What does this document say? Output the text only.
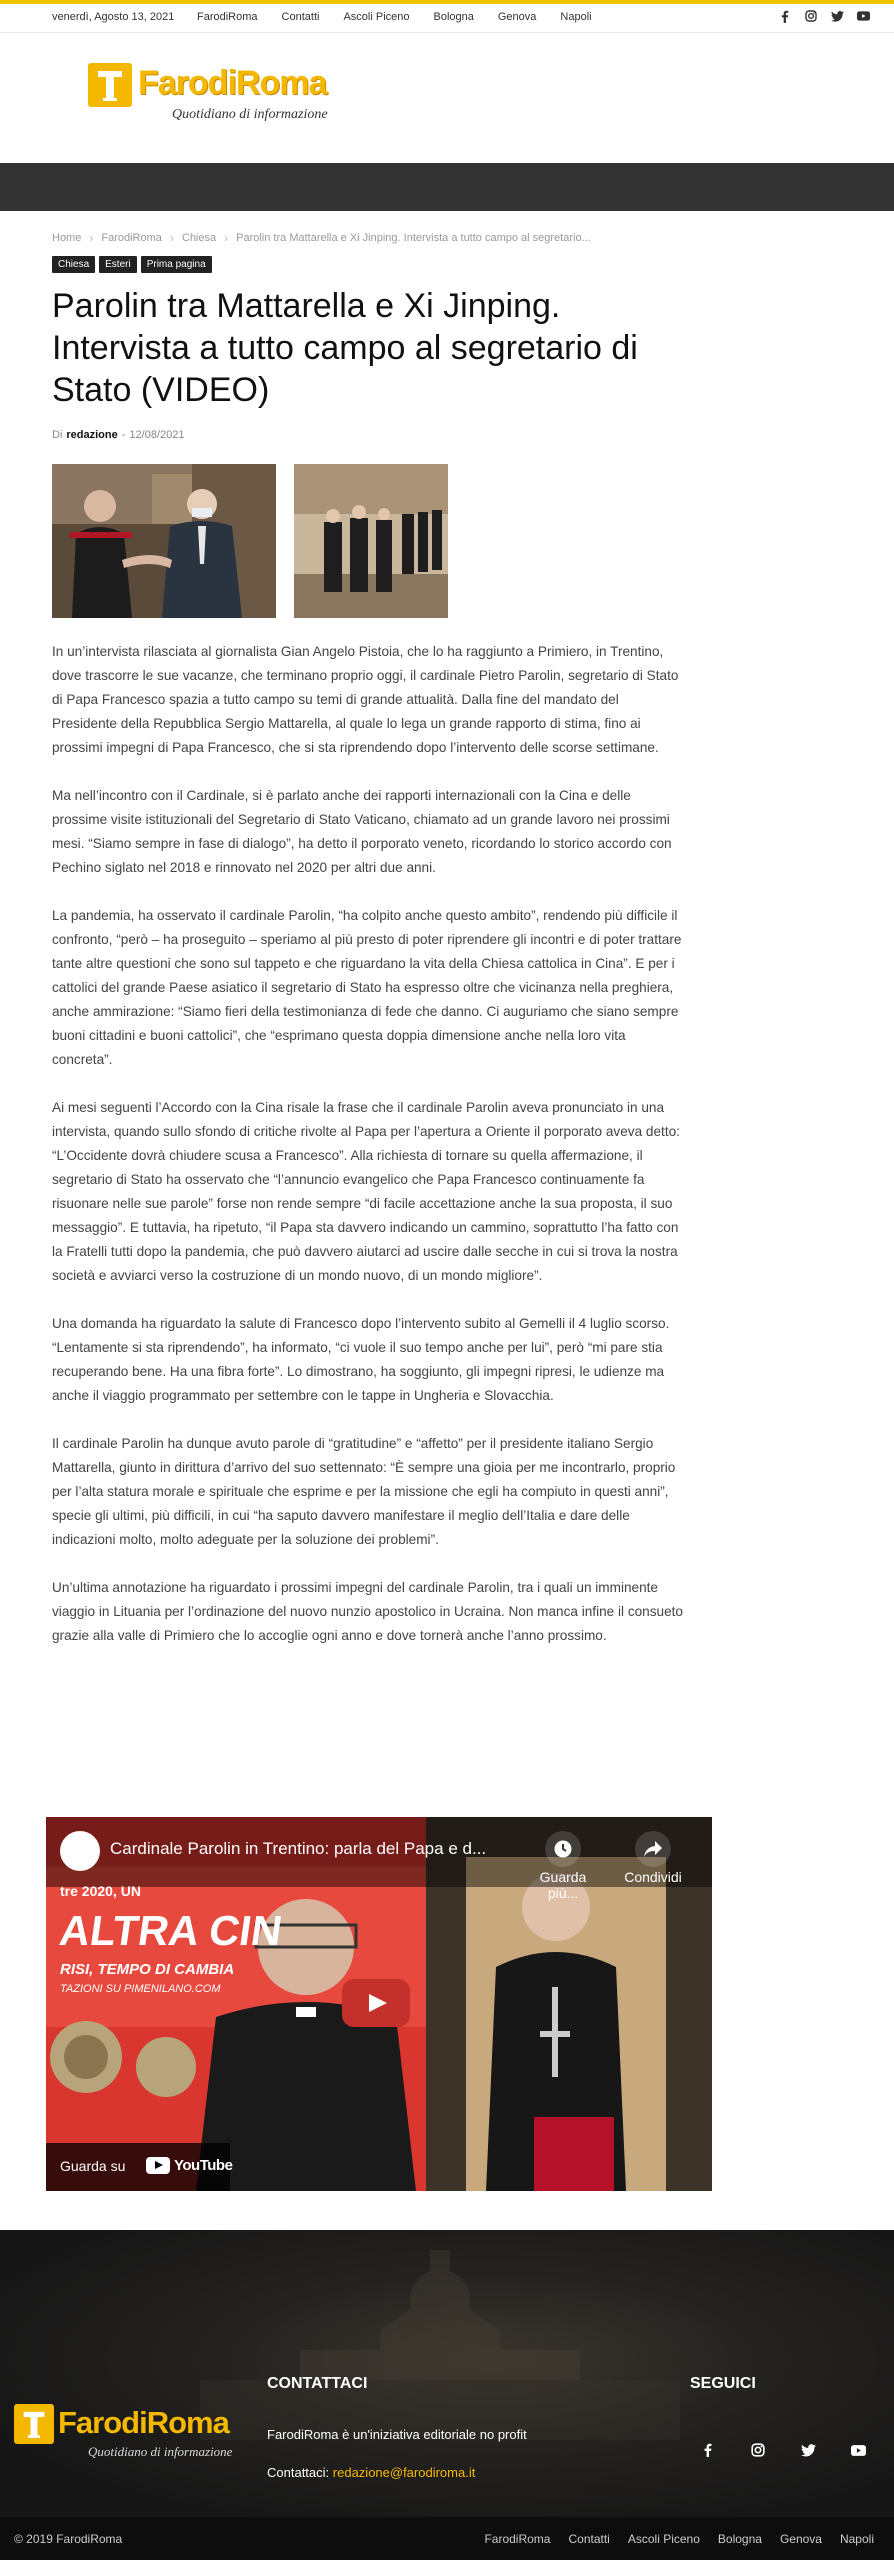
venerdì, Agosto 13, 2021 FarodiRoma Contatti Ascoli Piceno Bologna Genova Napoli
FarodiRoma
Quotidiano di informazione
Home › FarodiRoma › Chiesa › Parolin tra Mattarella e Xi Jinping. Intervista a tutto campo al segretario...
Chiesa	Esteri	Prima pagina
Parolin tra Mattarella e Xi Jinping. Intervista a tutto campo al segretario di Stato (VIDEO)
Di redazione - 12/08/2021

In un’intervista rilasciata al giornalista Gian Angelo Pistoia, che lo ha raggiunto a Primiero, in Trentino, dove trascorre le sue vacanze, che terminano proprio oggi, il cardinale Pietro Parolin, segretario di Stato di Papa Francesco spazia a tutto campo su temi di grande attualità. Dalla fine del mandato del Presidente della Repubblica Sergio Mattarella, al quale lo lega un grande rapporto di stima, fino ai prossimi impegni di Papa Francesco, che si sta riprendendo dopo l’intervento delle scorse settimane.

Ma nell’incontro con il Cardinale, si è parlato anche dei rapporti internazionali con la Cina e delle prossime visite istituzionali del Segretario di Stato Vaticano, chiamato ad un grande lavoro nei prossimi mesi. “Siamo sempre in fase di dialogo”, ha detto il porporato veneto, ricordando lo storico accordo con Pechino siglato nel 2018 e rinnovato nel 2020 per altri due anni.

La pandemia, ha osservato il cardinale Parolin, “ha colpito anche questo ambito”, rendendo più difficile il confronto, “però – ha proseguito – speriamo al più presto di poter riprendere gli incontri e di poter trattare tante altre questioni che sono sul tappeto e che riguardano la vita della Chiesa cattolica in Cina”. E per i cattolici del grande Paese asiatico il segretario di Stato ha espresso oltre che vicinanza nella preghiera, anche ammirazione: “Siamo fieri della testimonianza di fede che danno. Ci auguriamo che siano sempre buoni cittadini e buoni cattolici”, che “esprimano questa doppia dimensione anche nella loro vita concreta”.

Ai mesi seguenti l’Accordo con la Cina risale la frase che il cardinale Parolin aveva pronunciato in una intervista, quando sullo sfondo di critiche rivolte al Papa per l’apertura a Oriente il porporato aveva detto: “L’Occidente dovrà chiudere scusa a Francesco”. Alla richiesta di tornare su quella affermazione, il segretario di Stato ha osservato che “l’annuncio evangelico che Papa Francesco continuamente fa risuonare nelle sue parole” forse non rende sempre “di facile accettazione anche la sua proposta, il suo messaggio”. E tuttavia, ha ripetuto, “il Papa sta davvero indicando un cammino, soprattutto l’ha fatto con la Fratelli tutti dopo la pandemia, che può davvero aiutarci ad uscire dalle secche in cui si trova la nostra società e avviarci verso la costruzione di un mondo nuovo, di un mondo migliore”.

Una domanda ha riguardato la salute di Francesco dopo l’intervento subito al Gemelli il 4 luglio scorso. “Lentamente si sta riprendendo”, ha informato, “ci vuole il suo tempo anche per lui”, però “mi pare stia recuperando bene. Ha una fibra forte”. Lo dimostrano, ha soggiunto, gli impegni ripresi, le udienze ma anche il viaggio programmato per settembre con le tappe in Ungheria e Slovacchia.

Il cardinale Parolin ha dunque avuto parole di “gratitudine” e “affetto” per il presidente italiano Sergio Mattarella, giunto in dirittura d’arrivo del suo settennato: “È sempre una gioia per me incontrarlo, proprio per l’alta statura morale e spirituale che esprime e per la missione che egli ha compiuto in questi anni”, specie gli ultimi, più difficili, in cui “ha saputo davvero manifestare il meglio dell’Italia e dare delle indicazioni molto, molto adeguate per la soluzione dei problemi”.

Un’ultima annotazione ha riguardato i prossimi impegni del cardinale Parolin, tra i quali un imminente viaggio in Lituania per l’ordinazione del nuovo nunzio apostolico in Ucraina. Non manca infine il consueto grazie alla valle di Primiero che lo accoglie ogni anno e dove tornerà anche l’anno prossimo.

Cardinale Parolin in Trentino: parla del Papa e d...
ALTRA CIN
tre 2020, UN
RISI, TEMPO DI CAMBIA
TAZIONI SU PIMENILANO.COM
Guarda più...
Condividi
Guarda su	YouTube
FarodiRoma
Quotidiano di informazione
CONTATTACI

FarodiRoma è un'iniziativa editoriale no profit

Contattaci: redazione@farodiroma.it

SEGUICI
© 2019 FarodiRoma	FarodiRoma Contatti Ascoli Piceno Bologna Genova Napoli
